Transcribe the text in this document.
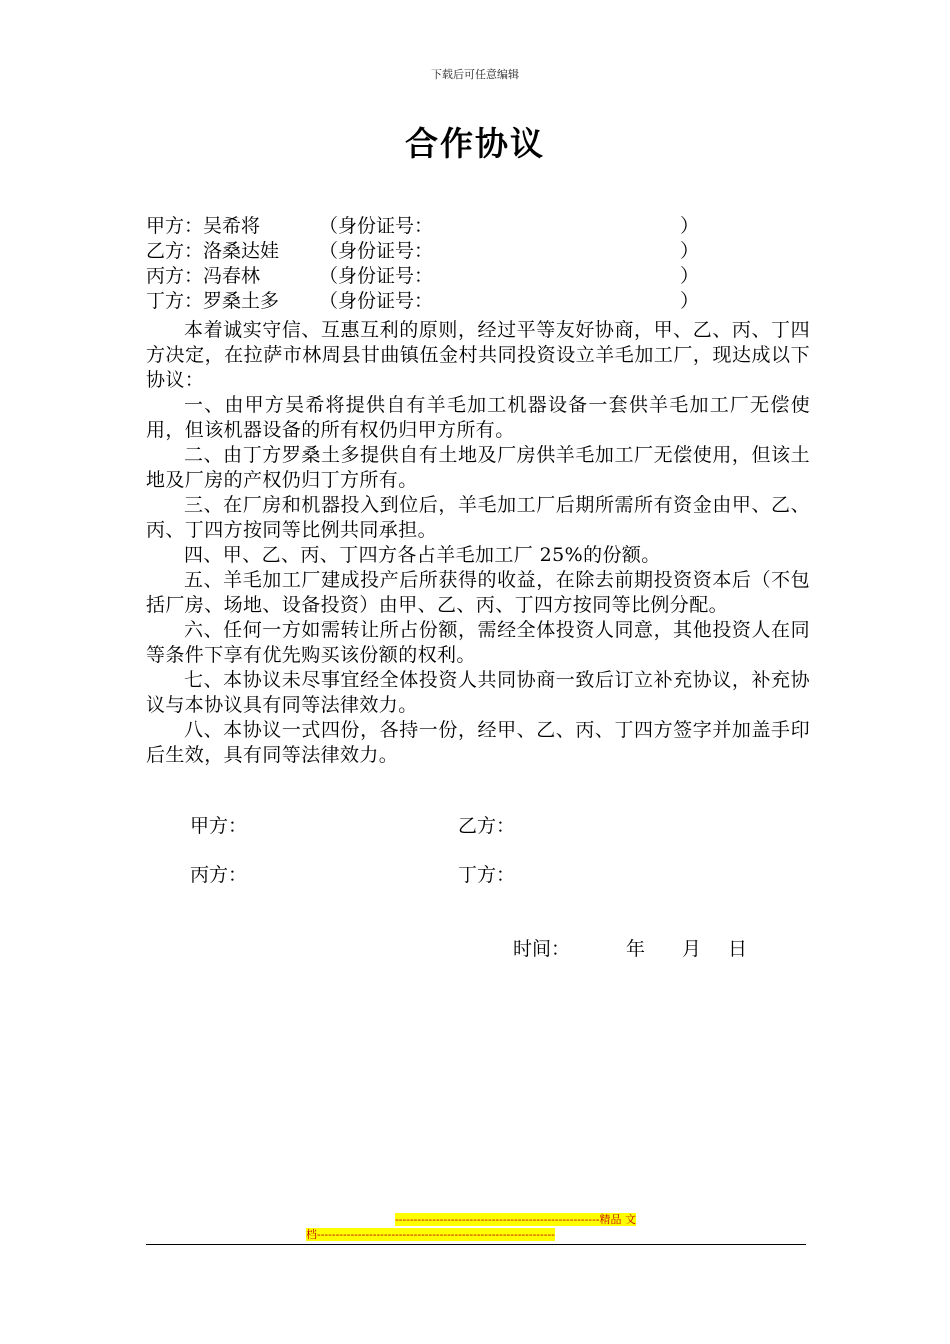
下载后可任意编辑
合作协议
甲方：吴希将	（身份证号：	）
乙方：洛桑达娃 （身份证号：	）
丙方：冯春林	（身份证号：	）
丁方：罗桑土多 （身份证号：	）

本着诚实守信、互惠互利的原则，经过平等友好协商，甲、乙、丙、丁四方决定，在拉萨市林周县甘曲镇伍金村共同投资设立羊毛加工厂，现达成以下协议：

一、由甲方吴希将提供自有羊毛加工机器设备一套供羊毛加工厂无偿使用，但该机器设备的所有权仍归甲方所有。

二、由丁方罗桑土多提供自有土地及厂房供羊毛加工厂无偿使用，但该土地及厂房的产权仍归丁方所有。

三、在厂房和机器投入到位后，羊毛加工厂后期所需所有资金由甲、乙、丙、丁四方按同等比例共同承担。

四、甲、乙、丙、丁四方各占羊毛加工厂 25%的份额。

五、羊毛加工厂建成投产后所获得的收益，在除去前期投资资本后（不包括厂房、场地、设备投资）由甲、乙、丙、丁四方按同等比例分配。

六、任何一方如需转让所占份额，需经全体投资人同意，其他投资人在同等条件下享有优先购买该份额的权利。

七、本协议未尽事宜经全体投资人共同协商一致后订立补充协议，补充协议与本协议具有同等法律效力。

八、本协议一式四份，各持一份，经甲、乙、丙、丁四方签字并加盖手印后生效，具有同等法律效力。

甲方：	乙方：
丙方：	丁方：
时间：	年 月 日
-------------------------------------------------------精品 文
档----------------------------------------------------------------
